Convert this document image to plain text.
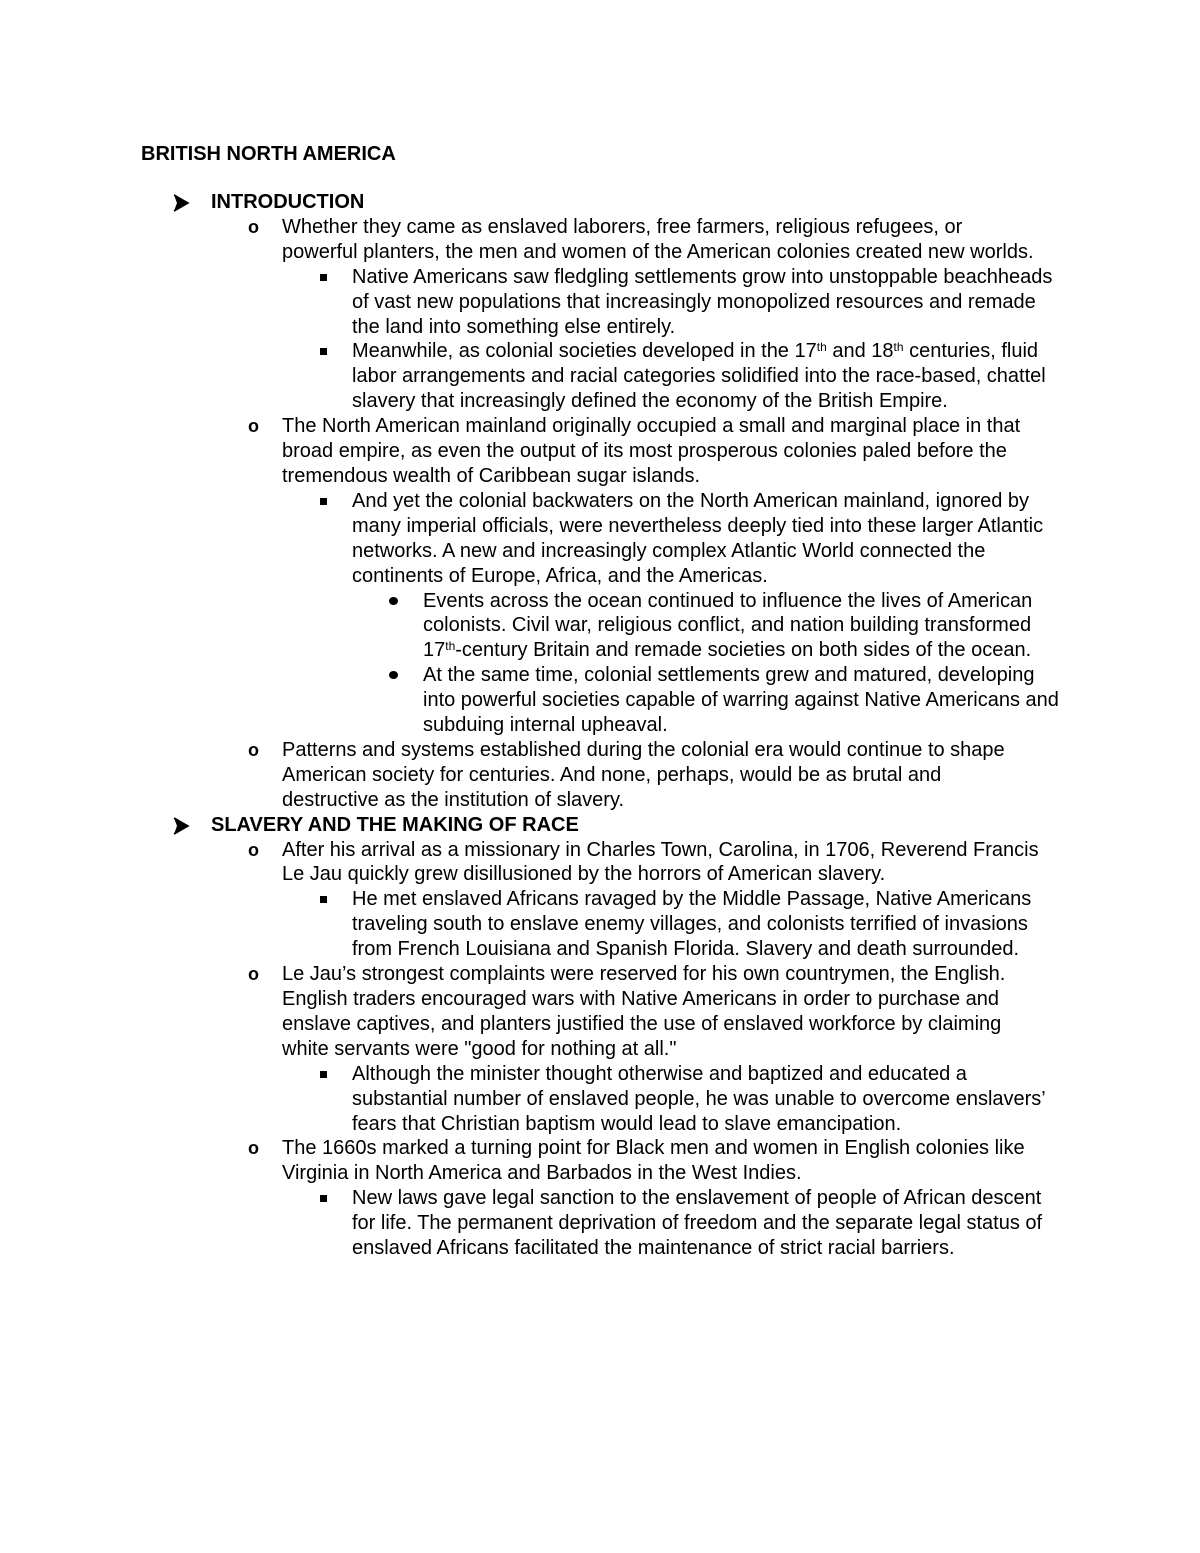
BRITISH NORTH AMERICA
INTRODUCTION
o Whether they came as enslaved laborers, free farmers, religious refugees, or powerful planters, the men and women of the American colonies created new worlds.
Native Americans saw fledgling settlements grow into unstoppable beachheads of vast new populations that increasingly monopolized resources and remade the land into something else entirely.
Meanwhile, as colonial societies developed in the 17th and 18th centuries, fluid labor arrangements and racial categories solidified into the race-based, chattel slavery that increasingly defined the economy of the British Empire.
o The North American mainland originally occupied a small and marginal place in that broad empire, as even the output of its most prosperous colonies paled before the tremendous wealth of Caribbean sugar islands.
And yet the colonial backwaters on the North American mainland, ignored by many imperial officials, were nevertheless deeply tied into these larger Atlantic networks. A new and increasingly complex Atlantic World connected the continents of Europe, Africa, and the Americas.
Events across the ocean continued to influence the lives of American colonists. Civil war, religious conflict, and nation building transformed 17th-century Britain and remade societies on both sides of the ocean.
At the same time, colonial settlements grew and matured, developing into powerful societies capable of warring against Native Americans and subduing internal upheaval.
o Patterns and systems established during the colonial era would continue to shape American society for centuries. And none, perhaps, would be as brutal and destructive as the institution of slavery.
SLAVERY AND THE MAKING OF RACE
o After his arrival as a missionary in Charles Town, Carolina, in 1706, Reverend Francis Le Jau quickly grew disillusioned by the horrors of American slavery.
He met enslaved Africans ravaged by the Middle Passage, Native Americans traveling south to enslave enemy villages, and colonists terrified of invasions from French Louisiana and Spanish Florida. Slavery and death surrounded.
o Le Jau’s strongest complaints were reserved for his own countrymen, the English. English traders encouraged wars with Native Americans in order to purchase and enslave captives, and planters justified the use of enslaved workforce by claiming white servants were "good for nothing at all."
Although the minister thought otherwise and baptized and educated a substantial number of enslaved people, he was unable to overcome enslavers’ fears that Christian baptism would lead to slave emancipation.
o The 1660s marked a turning point for Black men and women in English colonies like Virginia in North America and Barbados in the West Indies.
New laws gave legal sanction to the enslavement of people of African descent for life. The permanent deprivation of freedom and the separate legal status of enslaved Africans facilitated the maintenance of strict racial barriers.
